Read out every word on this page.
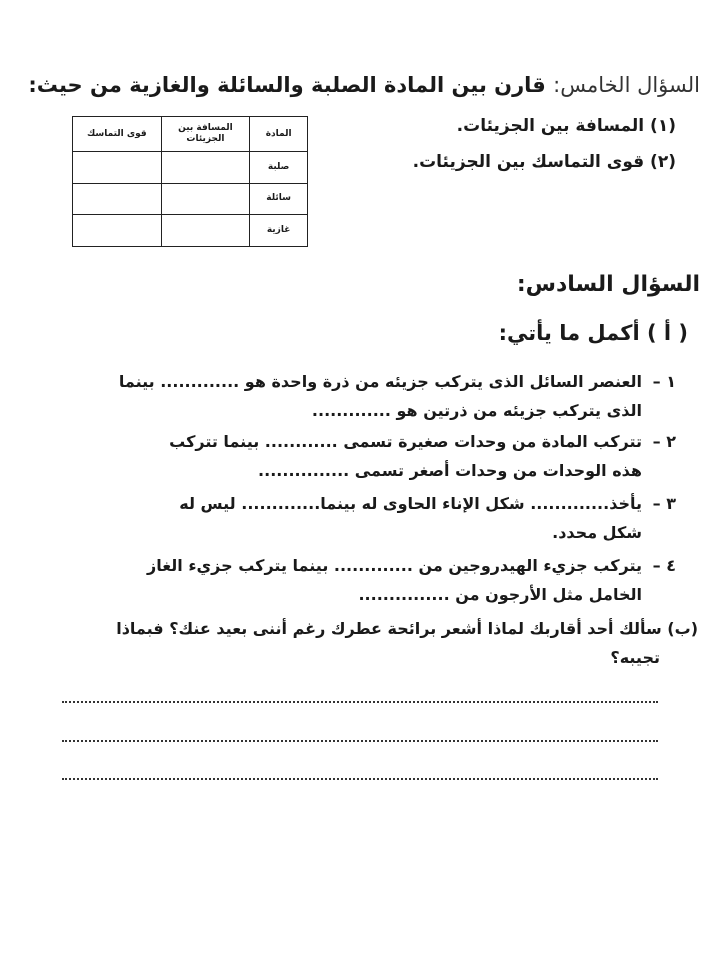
السؤال الخامس: قارن بين المادة الصلبة والسائلة والغازية من حيث:
(١) المسافة بين الجزيئات.
(٢) قوى التماسك بين الجزيئات.
المادة	المسافة بين الجزيئات	قوى التماسك
صلبة		
سائلة		
غازية		
السؤال السادس:
( أ ) أكمل ما يأتي:
١ –العنصر السائل الذى يتركب جزيئه من ذرة واحدة هو ............. بينما
الذى يتركب جزيئه من ذرتين هو .............
٢ –تتركب المادة من وحدات صغيرة تسمى ............ بينما تتركب
هذه الوحدات من وحدات أصغر تسمى ...............
٣ –يأخذ............. شكل الإناء الحاوى له بينما............. ليس له
شكل محدد.
٤ –يتركب جزيء الهيدروجين من ............. بينما يتركب جزيء الغاز
الخامل مثل الأرجون من ...............
(ب) سألك أحد أقاربك لماذا أشعر برائحة عطرك رغم أننى بعيد عنك؟ فبماذا
تجيبه؟
